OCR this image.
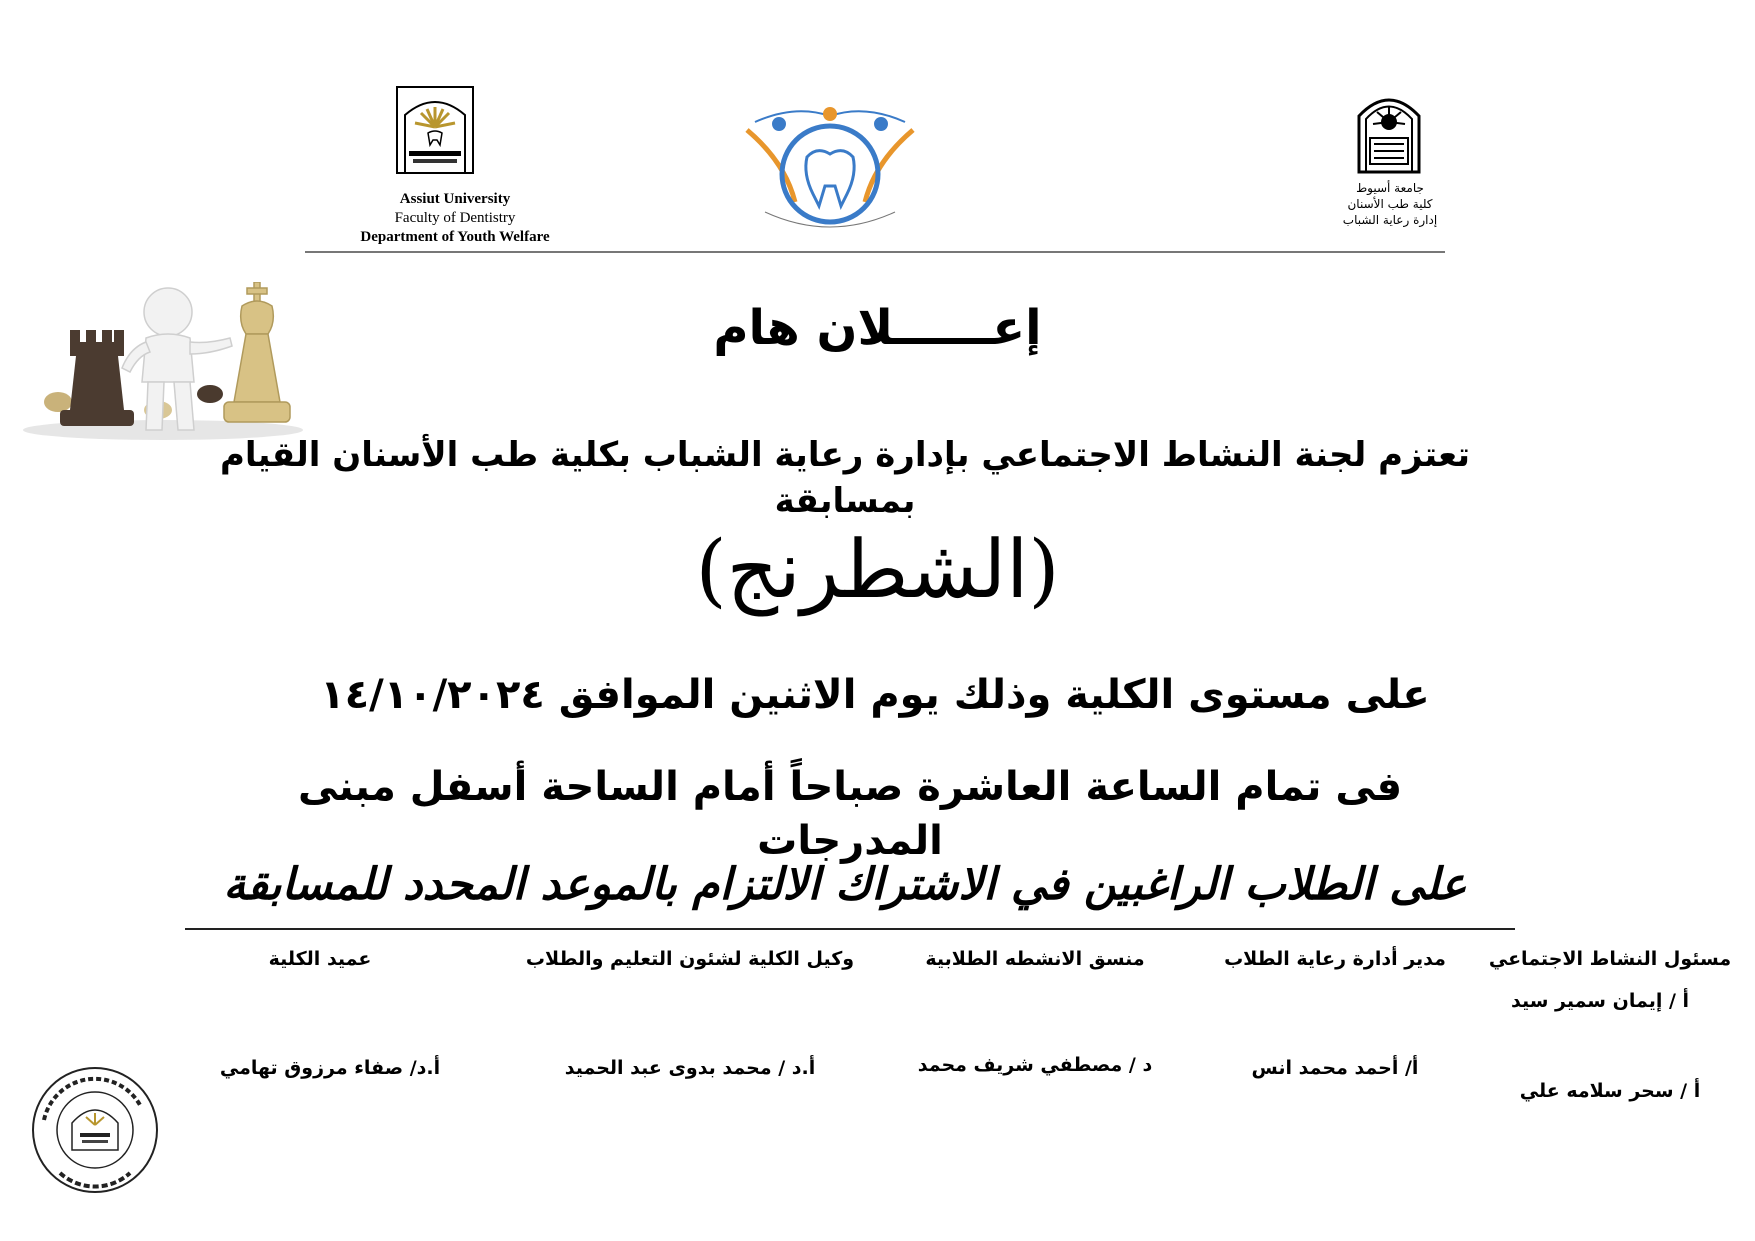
Assiut University
Faculty of Dentistry
Department of Youth Welfare
جامعة أسيوط
كلية طب الأسنان
إدارة رعاية الشباب
إعــــــلان هام
تعتزم لجنة النشاط الاجتماعي بإدارة رعاية الشباب بكلية طب الأسنان القيام بمسابقة
(الشطرنج)
على مستوى الكلية وذلك يوم الاثنين الموافق ١٤/١٠/٢٠٢٤
فى تمام الساعة العاشرة صباحاً أمام الساحة أسفل مبنى المدرجات
على الطلاب الراغبين في الاشتراك الالتزام بالموعد المحدد للمسابقة
مسئول النشاط الاجتماعي
أ / إيمان سمير سيد
أ / سحر سلامه علي
مدير أدارة رعاية الطلاب
أ/ أحمد محمد انس
منسق الانشطه الطلابية
د / مصطفي شريف محمد
وكيل الكلية لشئون التعليم والطلاب
أ.د / محمد بدوى عبد الحميد
عميد الكلية
أ.د/ صفاء مرزوق تهامي
